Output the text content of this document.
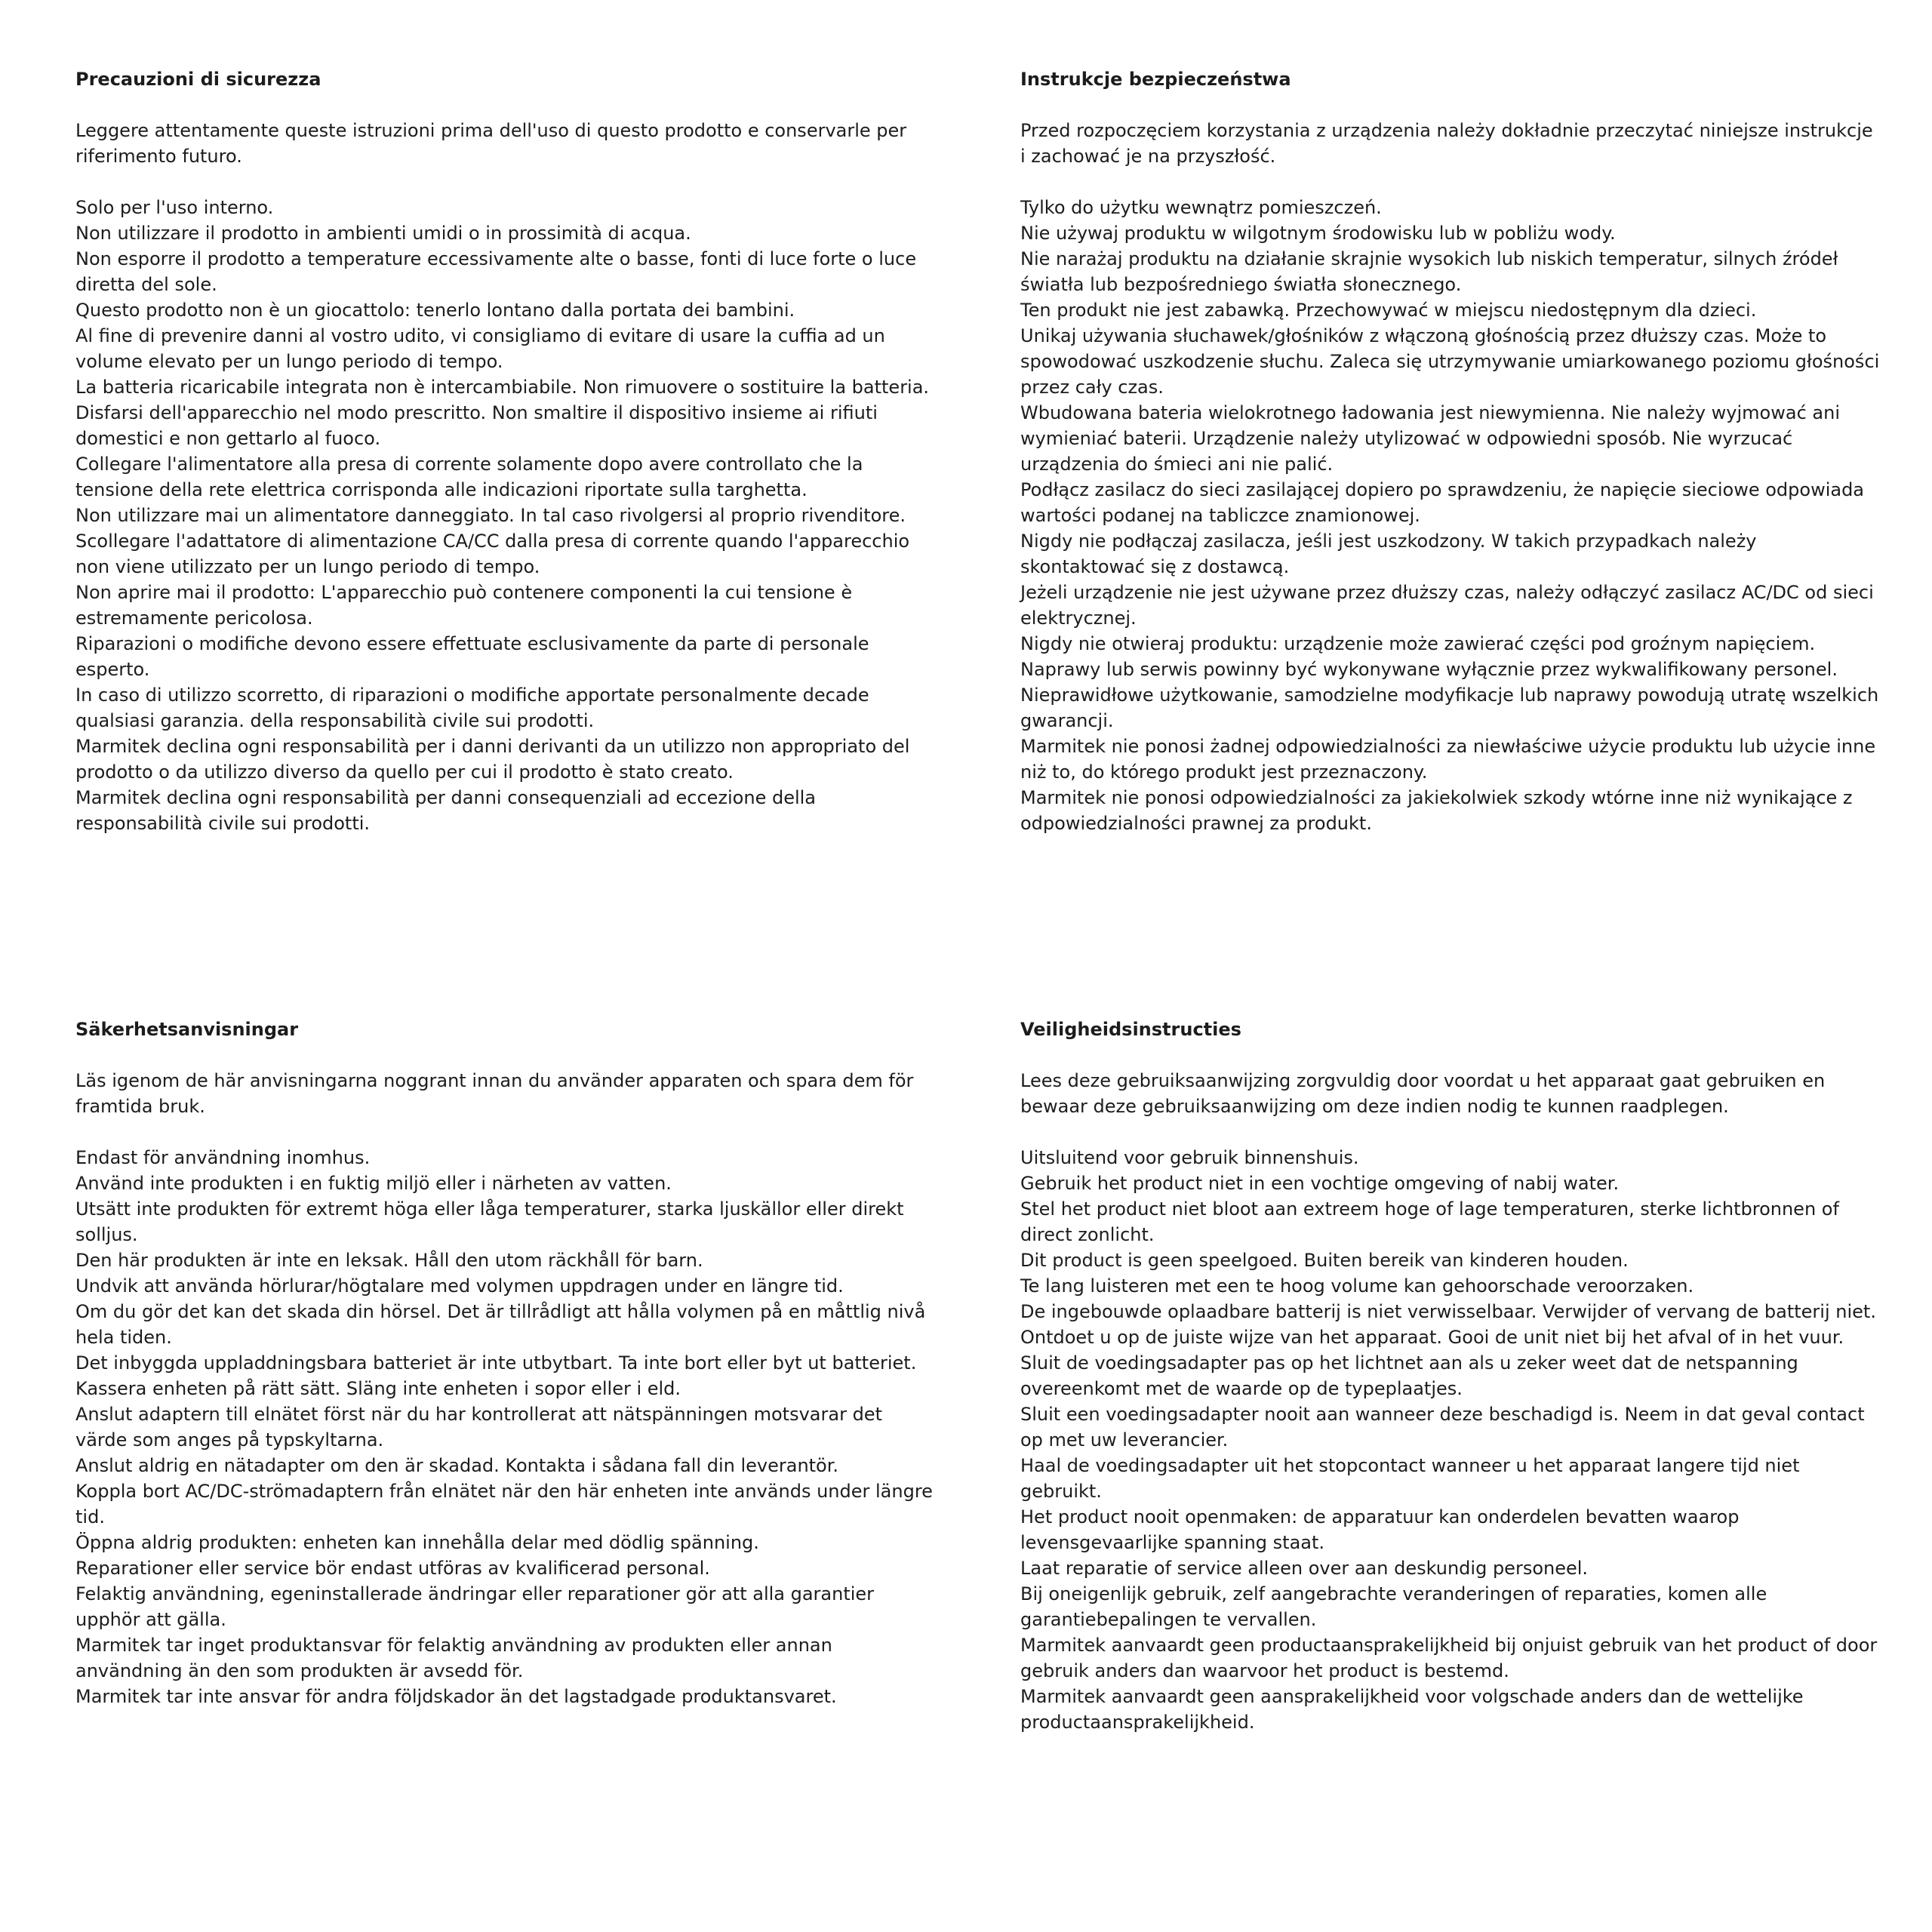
Precauzioni di sicurezza
Leggere attentamente queste istruzioni prima dell'uso di questo prodotto e conservarle per riferimento futuro.
Solo per l'uso interno.
Non utilizzare il prodotto in ambienti umidi o in prossimità di acqua.
Non esporre il prodotto a temperature eccessivamente alte o basse, fonti di luce forte o luce diretta del sole.
Questo prodotto non è un giocattolo: tenerlo lontano dalla portata dei bambini.
Al fine di prevenire danni al vostro udito, vi consigliamo di evitare di usare la cuffia ad un volume elevato per un lungo periodo di tempo.
La batteria ricaricabile integrata non è intercambiabile. Non rimuovere o sostituire la batteria. Disfarsi dell'apparecchio nel modo prescritto. Non smaltire il dispositivo insieme ai rifiuti domestici e non gettarlo al fuoco.
Collegare l'alimentatore alla presa di corrente solamente dopo avere controllato che la tensione della rete elettrica corrisponda alle indicazioni riportate sulla targhetta.
Non utilizzare mai un alimentatore danneggiato. In tal caso rivolgersi al proprio rivenditore.
Scollegare l'adattatore di alimentazione CA/CC dalla presa di corrente quando l'apparecchio non viene utilizzato per un lungo periodo di tempo.
Non aprire mai il prodotto: L'apparecchio può contenere componenti la cui tensione è estremamente pericolosa.
Riparazioni o modifiche devono essere effettuate esclusivamente da parte di personale esperto.
In caso di utilizzo scorretto, di riparazioni o modifiche apportate personalmente decade qualsiasi garanzia. della responsabilità civile sui prodotti.
Marmitek declina ogni responsabilità per i danni derivanti da un utilizzo non appropriato del prodotto o da utilizzo diverso da quello per cui il prodotto è stato creato.
Marmitek declina ogni responsabilità per danni consequenziali ad eccezione della responsabilità civile sui prodotti.
Instrukcje bezpieczeństwa
Przed rozpoczęciem korzystania z urządzenia należy dokładnie przeczytać niniejsze instrukcje i zachować je na przyszłość.
Tylko do użytku wewnątrz pomieszczeń.
Nie używaj produktu w wilgotnym środowisku lub w pobliżu wody.
Nie narażaj produktu na działanie skrajnie wysokich lub niskich temperatur, silnych źródeł światła lub bezpośredniego światła słonecznego.
Ten produkt nie jest zabawką. Przechowywać w miejscu niedostępnym dla dzieci.
Unikaj używania słuchawek/głośników z włączoną głośnością przez dłuższy czas. Może to spowodować uszkodzenie słuchu. Zaleca się utrzymywanie umiarkowanego poziomu głośności przez cały czas.
Wbudowana bateria wielokrotnego ładowania jest niewymienna. Nie należy wyjmować ani wymieniać baterii. Urządzenie należy utylizować w odpowiedni sposób. Nie wyrzucać urządzenia do śmieci ani nie palić.
Podłącz zasilacz do sieci zasilającej dopiero po sprawdzeniu, że napięcie sieciowe odpowiada wartości podanej na tabliczce znamionowej.
Nigdy nie podłączaj zasilacza, jeśli jest uszkodzony. W takich przypadkach należy skontaktować się z dostawcą.
Jeżeli urządzenie nie jest używane przez dłuższy czas, należy odłączyć zasilacz AC/DC od sieci elektrycznej.
Nigdy nie otwieraj produktu: urządzenie może zawierać części pod groźnym napięciem.
Naprawy lub serwis powinny być wykonywane wyłącznie przez wykwalifikowany personel.
Nieprawidłowe użytkowanie, samodzielne modyfikacje lub naprawy powodują utratę wszelkich gwarancji.
Marmitek nie ponosi żadnej odpowiedzialności za niewłaściwe użycie produktu lub użycie inne niż to, do którego produkt jest przeznaczony.
Marmitek nie ponosi odpowiedzialności za jakiekolwiek szkody wtórne inne niż wynikające z odpowiedzialności prawnej za produkt.
Säkerhetsanvisningar
Läs igenom de här anvisningarna noggrant innan du använder apparaten och spara dem för framtida bruk.
Endast för användning inomhus.
Använd inte produkten i en fuktig miljö eller i närheten av vatten.
Utsätt inte produkten för extremt höga eller låga temperaturer, starka ljuskällor eller direkt solljus.
Den här produkten är inte en leksak. Håll den utom räckhåll för barn.
Undvik att använda hörlurar/högtalare med volymen uppdragen under en längre tid.
Om du gör det kan det skada din hörsel. Det är tillrådligt att hålla volymen på en måttlig nivå hela tiden.
Det inbyggda uppladdningsbara batteriet är inte utbytbart. Ta inte bort eller byt ut batteriet. Kassera enheten på rätt sätt. Släng inte enheten i sopor eller i eld.
Anslut adaptern till elnätet först när du har kontrollerat att nätspänningen motsvarar det värde som anges på typskyltarna.
Anslut aldrig en nätadapter om den är skadad. Kontakta i sådana fall din leverantör.
Koppla bort AC/DC-strömadaptern från elnätet när den här enheten inte används under längre tid.
Öppna aldrig produkten: enheten kan innehålla delar med dödlig spänning.
Reparationer eller service bör endast utföras av kvalificerad personal.
Felaktig användning, egeninstallerade ändringar eller reparationer gör att alla garantier upphör att gälla.
Marmitek tar inget produktansvar för felaktig användning av produkten eller annan användning än den som produkten är avsedd för.
Marmitek tar inte ansvar för andra följdskador än det lagstadgade produktansvaret.
Veiligheidsinstructies
Lees deze gebruiksaanwijzing zorgvuldig door voordat u het apparaat gaat gebruiken en bewaar deze gebruiksaanwijzing om deze indien nodig te kunnen raadplegen.
Uitsluitend voor gebruik binnenshuis.
Gebruik het product niet in een vochtige omgeving of nabij water.
Stel het product niet bloot aan extreem hoge of lage temperaturen, sterke lichtbronnen of direct zonlicht.
Dit product is geen speelgoed. Buiten bereik van kinderen houden.
Te lang luisteren met een te hoog volume kan gehoorschade veroorzaken.
De ingebouwde oplaadbare batterij is niet verwisselbaar. Verwijder of vervang de batterij niet. Ontdoet u op de juiste wijze van het apparaat. Gooi de unit niet bij het afval of in het vuur.
Sluit de voedingsadapter pas op het lichtnet aan als u zeker weet dat de netspanning overeenkomt met de waarde op de typeplaatjes.
Sluit een voedingsadapter nooit aan wanneer deze beschadigd is. Neem in dat geval contact op met uw leverancier.
Haal de voedingsadapter uit het stopcontact wanneer u het apparaat langere tijd niet gebruikt.
Het product nooit openmaken: de apparatuur kan onderdelen bevatten waarop levensgevaarlijke spanning staat.
Laat reparatie of service alleen over aan deskundig personeel.
Bij oneigenlijk gebruik, zelf aangebrachte veranderingen of reparaties, komen alle garantiebepalingen te vervallen.
Marmitek aanvaardt geen productaansprakelijkheid bij onjuist gebruik van het product of door gebruik anders dan waarvoor het product is bestemd.
Marmitek aanvaardt geen aansprakelijkheid voor volgschade anders dan de wettelijke productaansprakelijkheid.
